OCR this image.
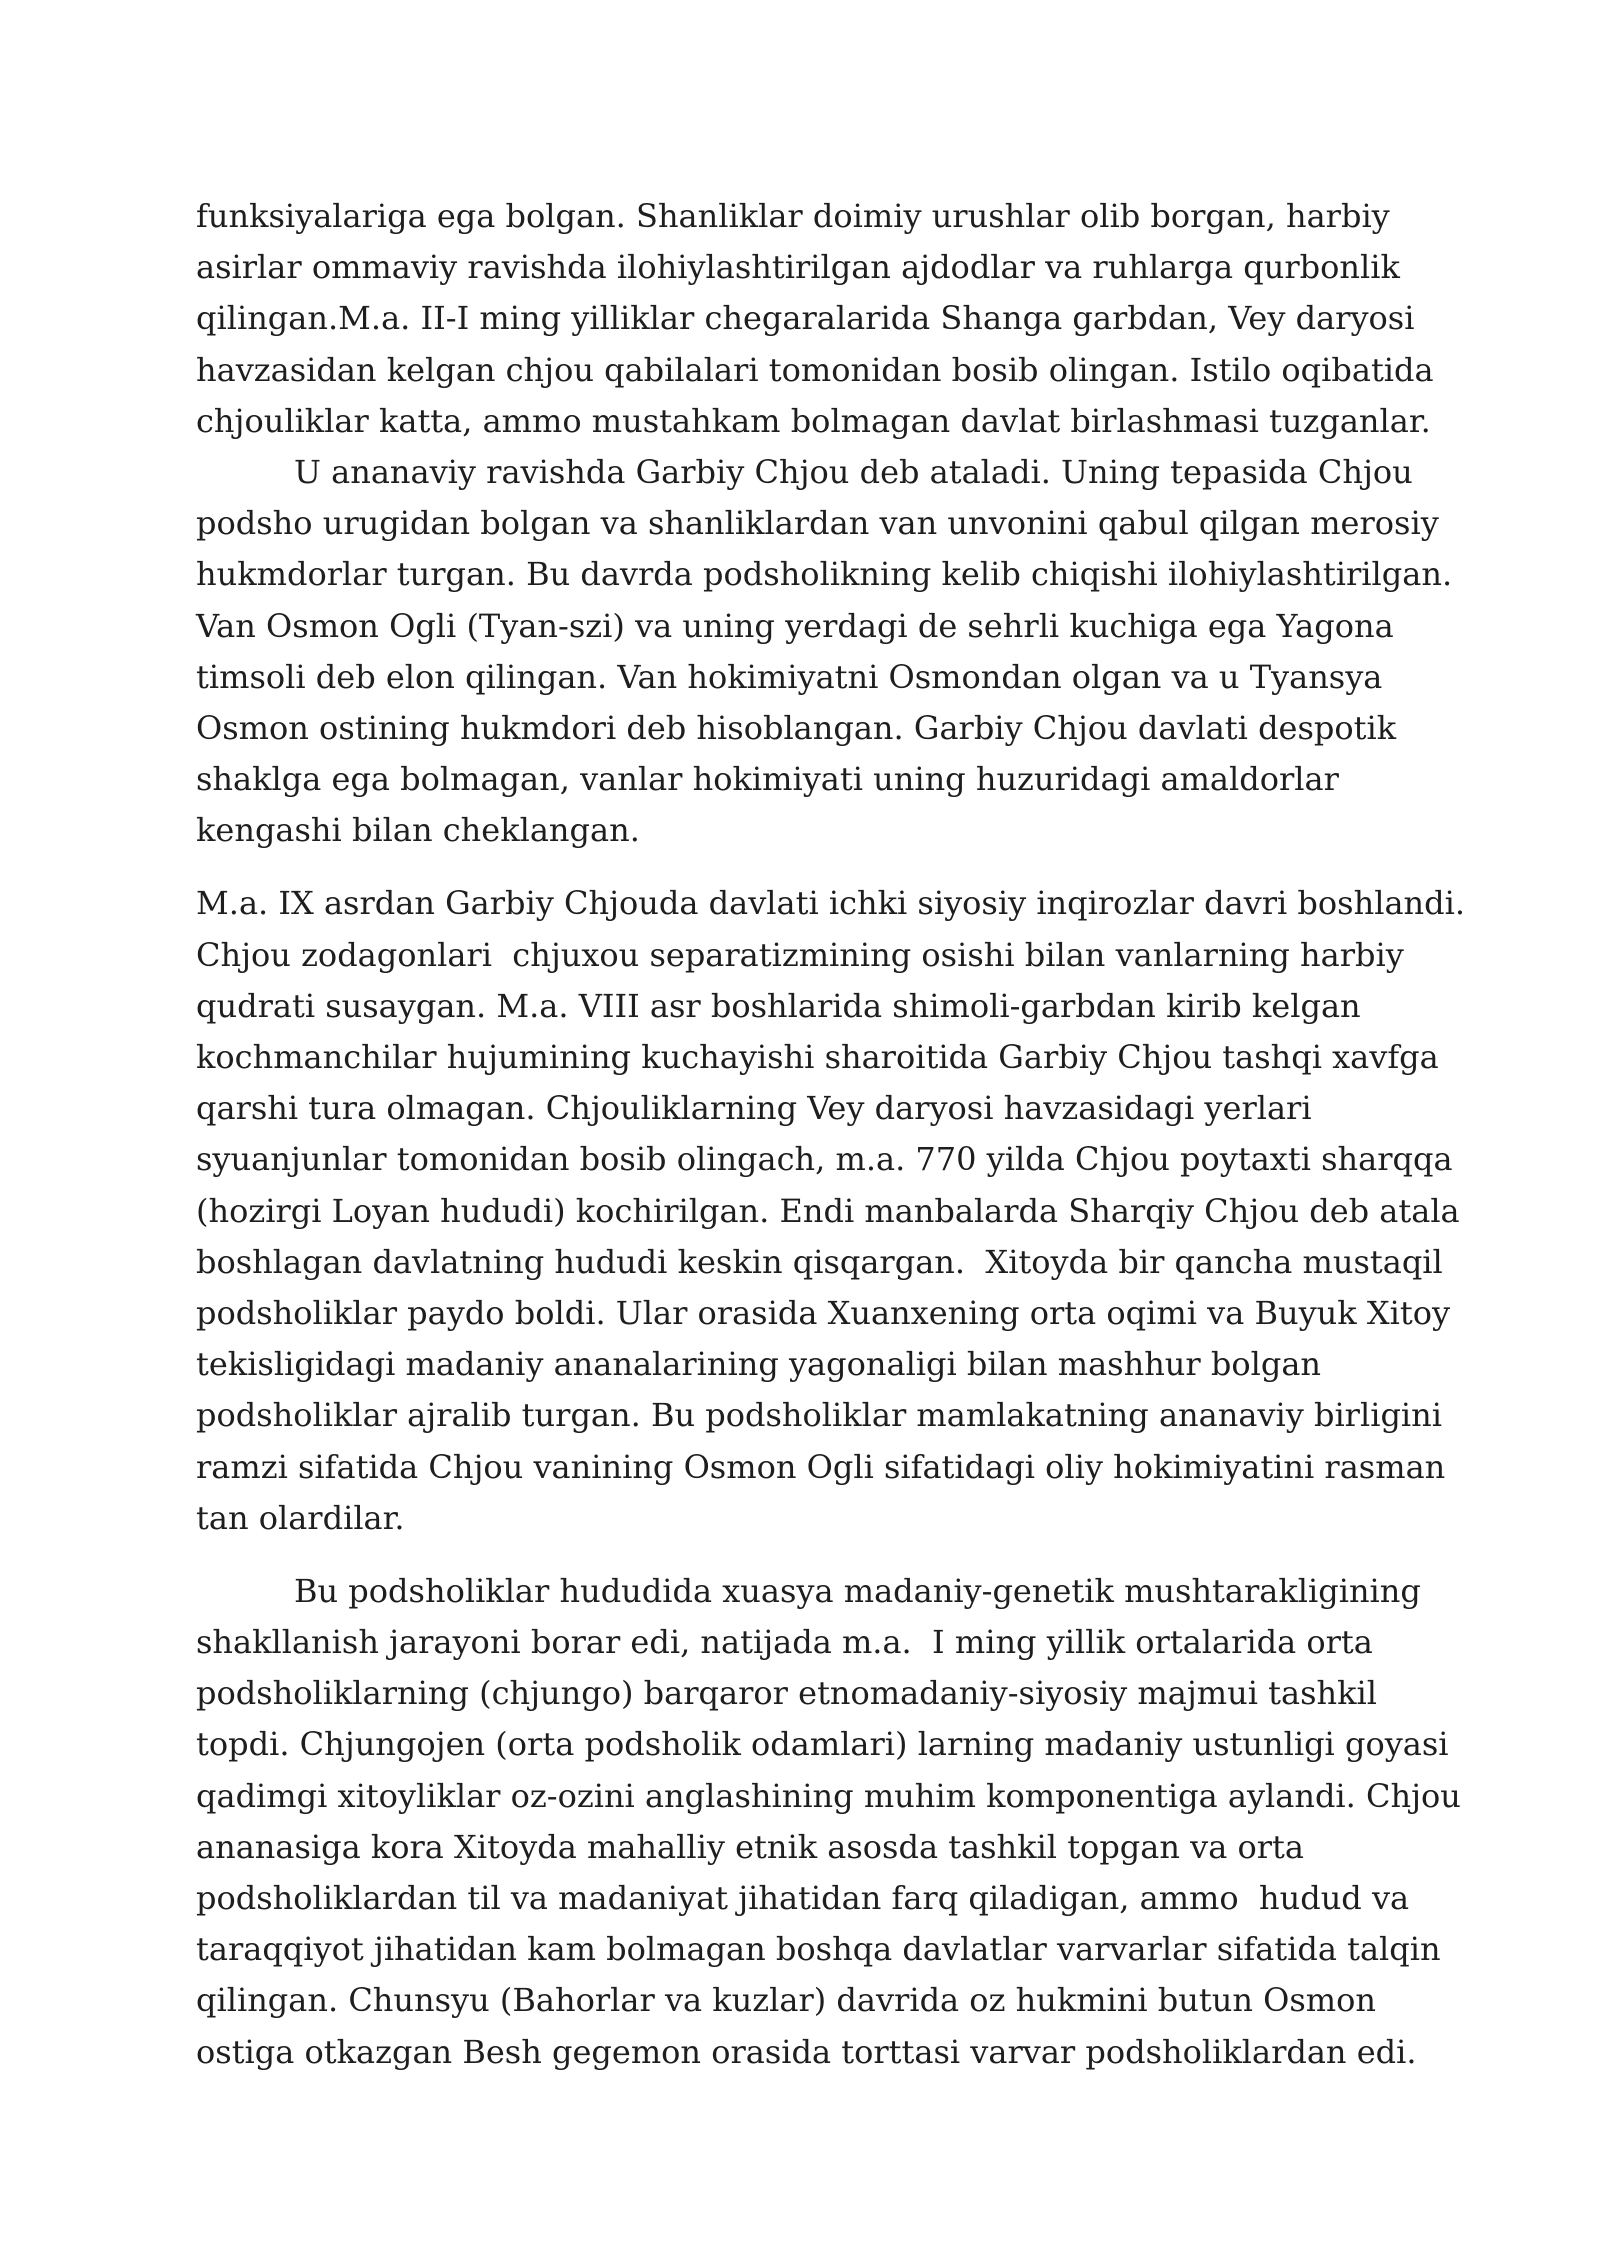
funksiyalariga ega bolgan. Shanliklar doimiy urushlar olib borgan, harbiy
asirlar ommaviy ravishda ilohiylashtirilgan ajdodlar va ruhlarga qurbonlik
qilingan.M.a. II-I ming yilliklar chegaralarida Shanga garbdan, Vey daryosi
havzasidan kelgan chjou qabilalari tomonidan bosib olingan. Istilo oqibatida
chjouliklar katta, ammo mustahkam bolmagan davlat birlashmasi tuzganlar.

U ananaviy ravishda Garbiy Chjou deb ataladi. Uning tepasida Chjou
podsho urugidan bolgan va shanliklardan van unvonini qabul qilgan merosiy
hukmdorlar turgan. Bu davrda podsholikning kelib chiqishi ilohiylashtirilgan.
Van Osmon Ogli (Tyan-szi) va uning yerdagi de sehrli kuchiga ega Yagona
timsoli deb elon qilingan. Van hokimiyatni Osmondan olgan va u Tyansya
Osmon ostining hukmdori deb hisoblangan. Garbiy Chjou davlati despotik
shaklga ega bolmagan, vanlar hokimiyati uning huzuridagi amaldorlar
kengashi bilan cheklangan.

M.a. IX asrdan Garbiy Chjouda davlati ichki siyosiy inqirozlar davri boshlandi.
Chjou zodagonlari  chjuxou separatizmining osishi bilan vanlarning harbiy
qudrati susaygan. M.a. VIII asr boshlarida shimoli-garbdan kirib kelgan
kochmanchilar hujumining kuchayishi sharoitida Garbiy Chjou tashqi xavfga
qarshi tura olmagan. Chjouliklarning Vey daryosi havzasidagi yerlari
syuanjunlar tomonidan bosib olingach, m.a. 770 yilda Chjou poytaxti sharqqa
(hozirgi Loyan hududi) kochirilgan. Endi manbalarda Sharqiy Chjou deb atala
boshlagan davlatning hududi keskin qisqargan.  Xitoyda bir qancha mustaqil
podsholiklar paydo boldi. Ular orasida Xuanxening orta oqimi va Buyuk Xitoy
tekisligidagi madaniy ananalarining yagonaligi bilan mashhur bolgan
podsholiklar ajralib turgan. Bu podsholiklar mamlakatning ananaviy birligini
ramzi sifatida Chjou vanining Osmon Ogli sifatidagi oliy hokimiyatini rasman
tan olardilar.

Bu podsholiklar hududida xuasya madaniy-genetik mushtarakligining
shakllanish jarayoni borar edi, natijada m.a.  I ming yillik ortalarida orta
podsholiklarning (chjungo) barqaror etnomadaniy-siyosiy majmui tashkil
topdi. Chjungojen (orta podsholik odamlari) larning madaniy ustunligi goyasi
qadimgi xitoyliklar oz-ozini anglashining muhim komponentiga aylandi. Chjou
ananasiga kora Xitoyda mahalliy etnik asosda tashkil topgan va orta
podsholiklardan til va madaniyat jihatidan farq qiladigan, ammo  hudud va
taraqqiyot jihatidan kam bolmagan boshqa davlatlar varvarlar sifatida talqin
qilingan. Chunsyu (Bahorlar va kuzlar) davrida oz hukmini butun Osmon
ostiga otkazgan Besh gegemon orasida torttasi varvar podsholiklardan edi.
